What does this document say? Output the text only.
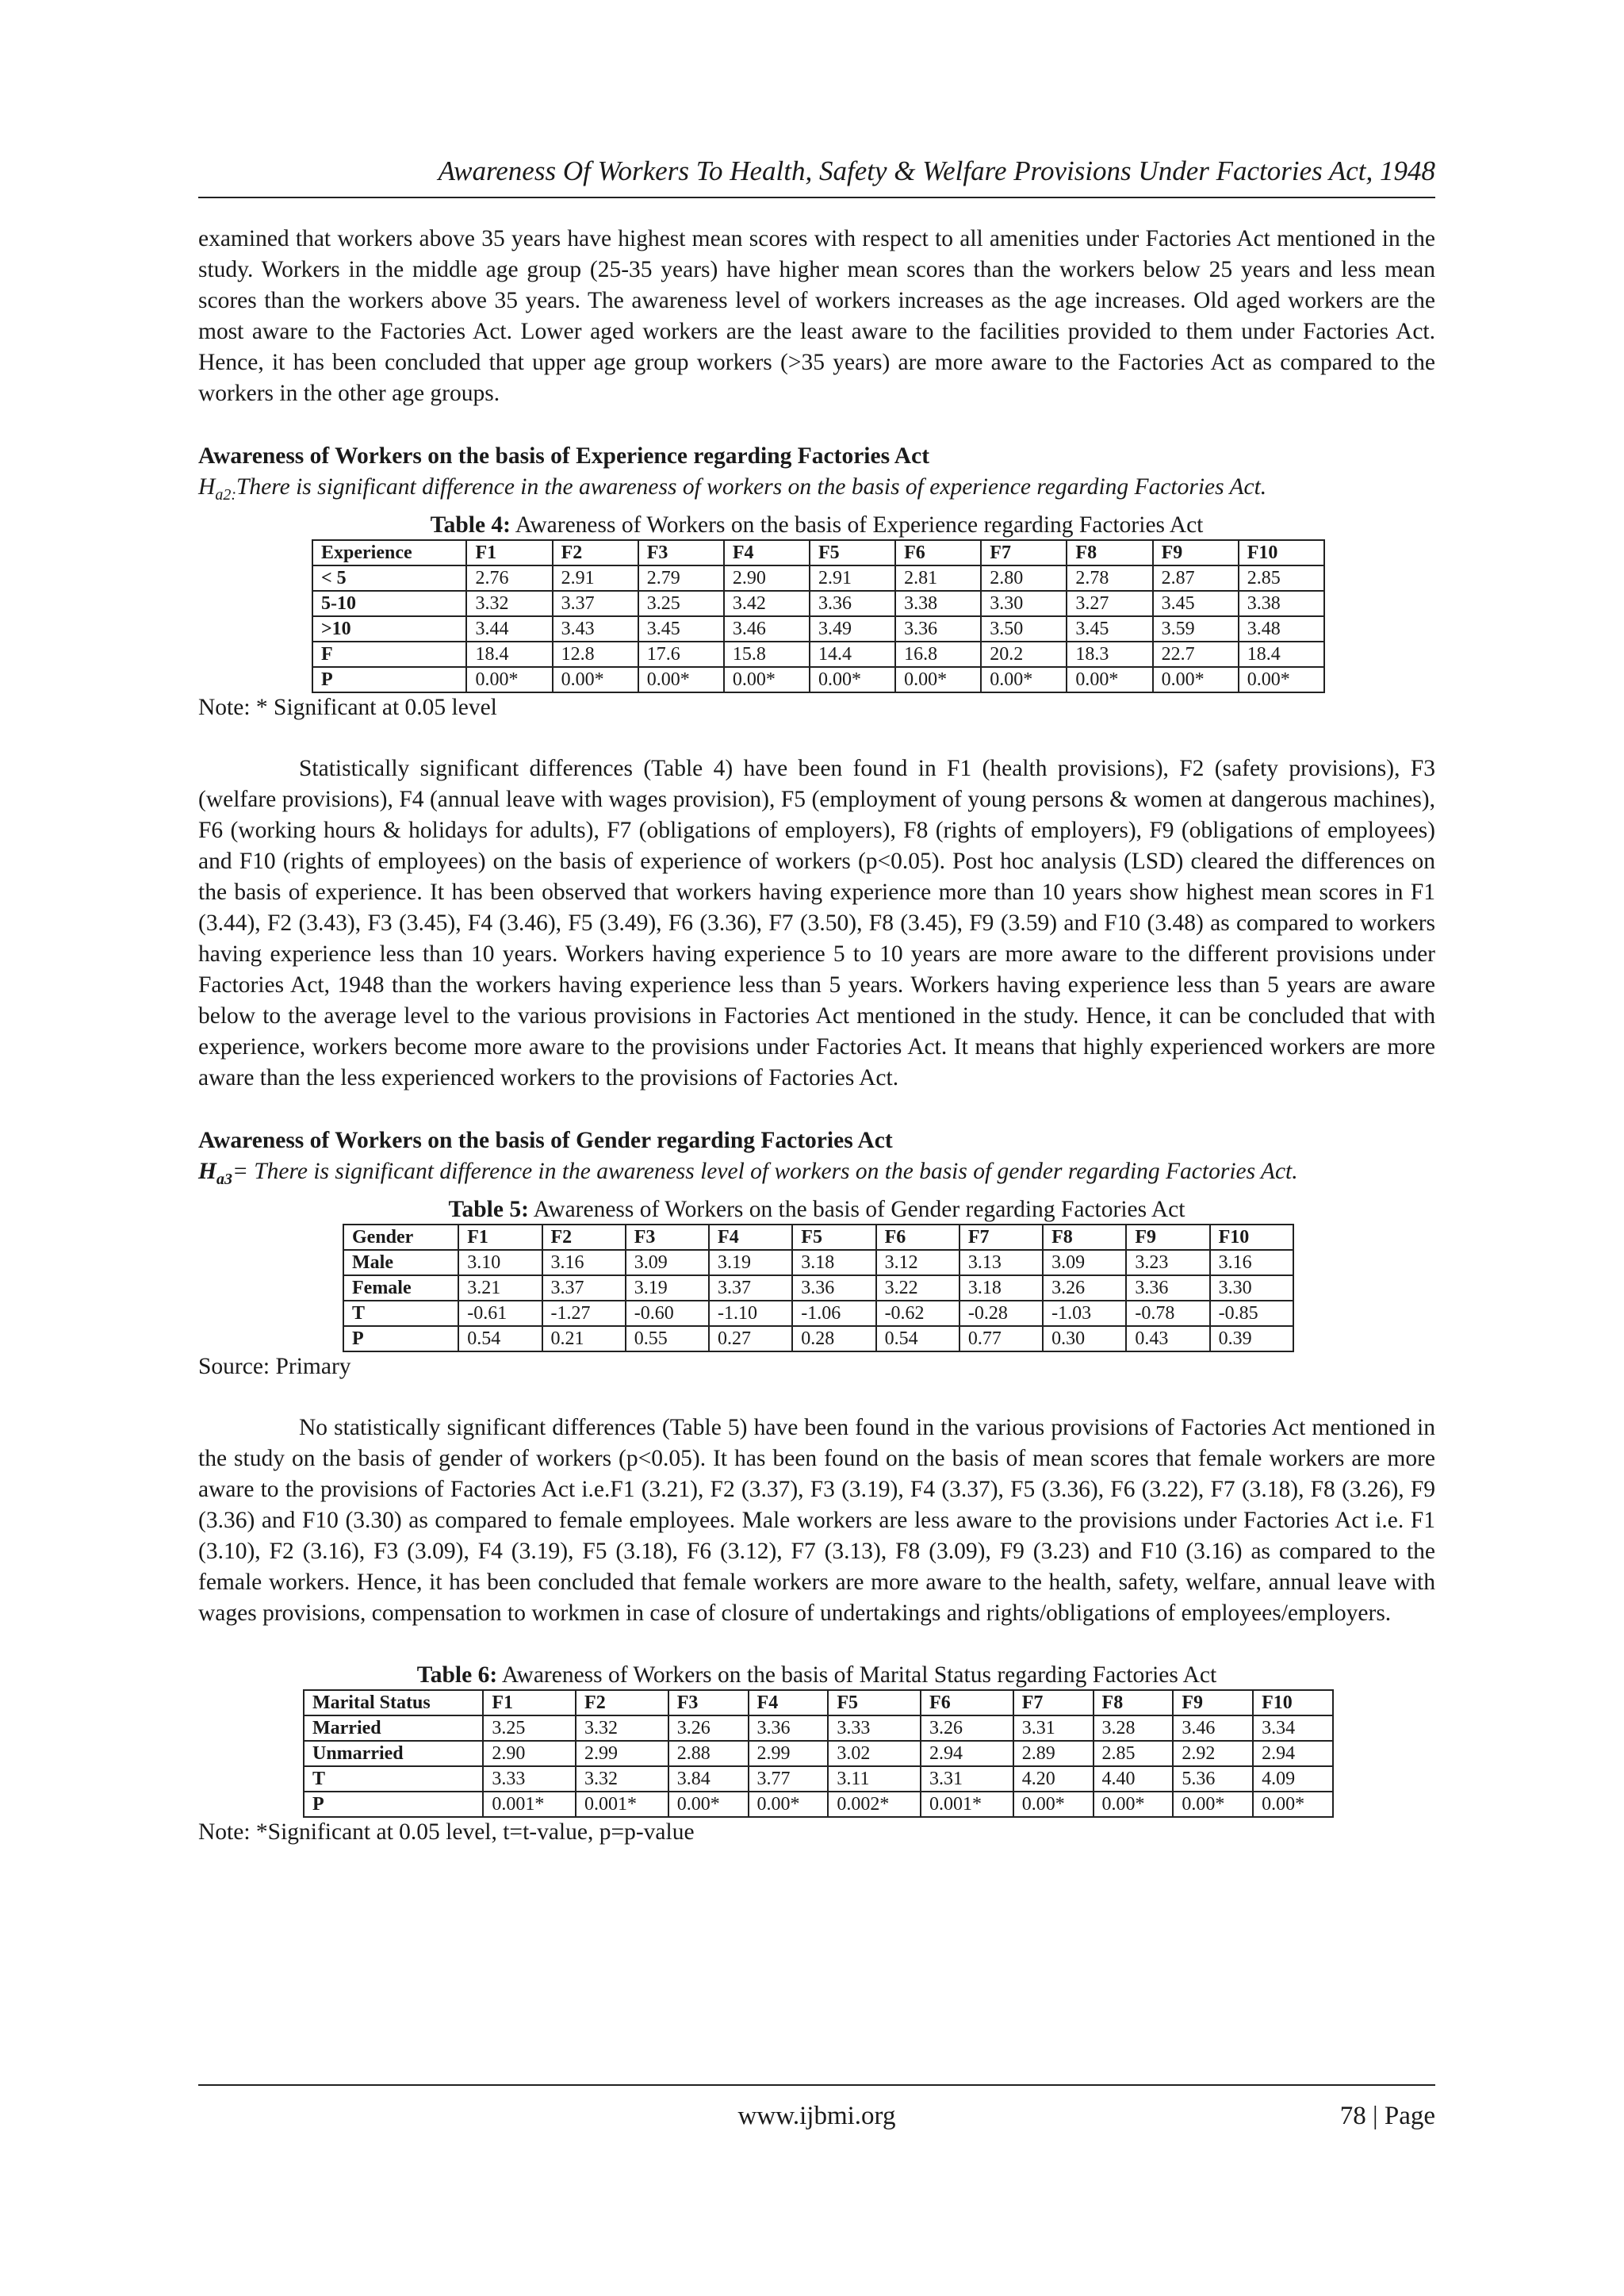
Awareness Of Workers To Health, Safety & Welfare Provisions Under Factories Act, 1948

examined that workers above 35 years have highest mean scores with respect to all amenities under Factories Act mentioned in the study. Workers in the middle age group (25-35 years) have higher mean scores than the workers below 25 years and less mean scores than the workers above 35 years. The awareness level of workers increases as the age increases. Old aged workers are the most aware to the Factories Act. Lower aged workers are the least aware to the facilities provided to them under Factories Act. Hence, it has been concluded that upper age group workers (>35 years) are more aware to the Factories Act as compared to the workers in the other age groups.

Awareness of Workers on the basis of Experience regarding Factories Act

$H_{a2:}There$ is significant difference in the awareness of workers on the basis of experience regarding Factories Act.

Table 4: Awareness of Workers on the basis of Experience regarding Factories Act

Experience	F1	F2	F3	F4	F5	F6	F7	F8	F9	F10
< 5	2.76	2.91	2.79	2.90	2.91	2.81	2.80	2.78	2.87	2.85
5-10	3.32	3.37	3.25	3.42	3.36	3.38	3.30	3.27	3.45	3.38
>10	3.44	3.43	3.45	3.46	3.49	3.36	3.50	3.45	3.59	3.48
F	18.4	12.8	17.6	15.8	14.4	16.8	20.2	18.3	22.7	18.4
P	0.00*	0.00*	0.00*	0.00*	0.00*	0.00*	0.00*	0.00*	0.00*	0.00*

Note: * Significant at 0.05 level

Statistically significant differences (Table 4) have been found in F1 (health provisions), F2 (safety provisions), F3 (welfare provisions), F4 (annual leave with wages provision), F5 (employment of young persons & women at dangerous machines), F6 (working hours & holidays for adults), F7 (obligations of employers), F8 (rights of employers), F9 (obligations of employees) and F10 (rights of employees) on the basis of experience of workers (p<0.05). Post hoc analysis (LSD) cleared the differences on the basis of experience. It has been observed that workers having experience more than 10 years show highest mean scores in F1 (3.44), F2 (3.43), F3 (3.45), F4 (3.46), F5 (3.49), F6 (3.36), F7 (3.50), F8 (3.45), F9 (3.59) and F10 (3.48) as compared to workers having experience less than 10 years. Workers having experience 5 to 10 years are more aware to the different provisions under Factories Act, 1948 than the workers having experience less than 5 years. Workers having experience less than 5 years are aware below to the average level to the various provisions in Factories Act mentioned in the study. Hence, it can be concluded that with experience, workers become more aware to the provisions under Factories Act. It means that highly experienced workers are more aware than the less experienced workers to the provisions of Factories Act.

Awareness of Workers on the basis of Gender regarding Factories Act

$H_{a3}=$ There is significant difference in the awareness level of workers on the basis of gender regarding Factories Act.

Table 5: Awareness of Workers on the basis of Gender regarding Factories Act

Gender	F1	F2	F3	F4	F5	F6	F7	F8	F9	F10
Male	3.10	3.16	3.09	3.19	3.18	3.12	3.13	3.09	3.23	3.16
Female	3.21	3.37	3.19	3.37	3.36	3.22	3.18	3.26	3.36	3.30
T	-0.61	-1.27	-0.60	-1.10	-1.06	-0.62	-0.28	-1.03	-0.78	-0.85
P	0.54	0.21	0.55	0.27	0.28	0.54	0.77	0.30	0.43	0.39

Source: Primary

No statistically significant differences (Table 5) have been found in the various provisions of Factories Act mentioned in the study on the basis of gender of workers (p<0.05). It has been found on the basis of mean scores that female workers are more aware to the provisions of Factories Act i.e.F1 (3.21), F2 (3.37), F3 (3.19), F4 (3.37), F5 (3.36), F6 (3.22), F7 (3.18), F8 (3.26), F9 (3.36) and F10 (3.30) as compared to female employees. Male workers are less aware to the provisions under Factories Act i.e. F1 (3.10), F2 (3.16), F3 (3.09), F4 (3.19), F5 (3.18), F6 (3.12), F7 (3.13), F8 (3.09), F9 (3.23) and F10 (3.16) as compared to the female workers. Hence, it has been concluded that female workers are more aware to the health, safety, welfare, annual leave with wages provisions, compensation to workmen in case of closure of undertakings and rights/obligations of employees/employers.

Table 6: Awareness of Workers on the basis of Marital Status regarding Factories Act

Marital Status	F1	F2	F3	F4	F5	F6	F7	F8	F9	F10
Married	3.25	3.32	3.26	3.36	3.33	3.26	3.31	3.28	3.46	3.34
Unmarried	2.90	2.99	2.88	2.99	3.02	2.94	2.89	2.85	2.92	2.94
T	3.33	3.32	3.84	3.77	3.11	3.31	4.20	4.40	5.36	4.09
P	0.001*	0.001*	0.00*	0.00*	0.002*	0.001*	0.00*	0.00*	0.00*	0.00*

Note: *Significant at 0.05 level, t=t-value, p=p-value

www.ijbmi.org	78 | Page
